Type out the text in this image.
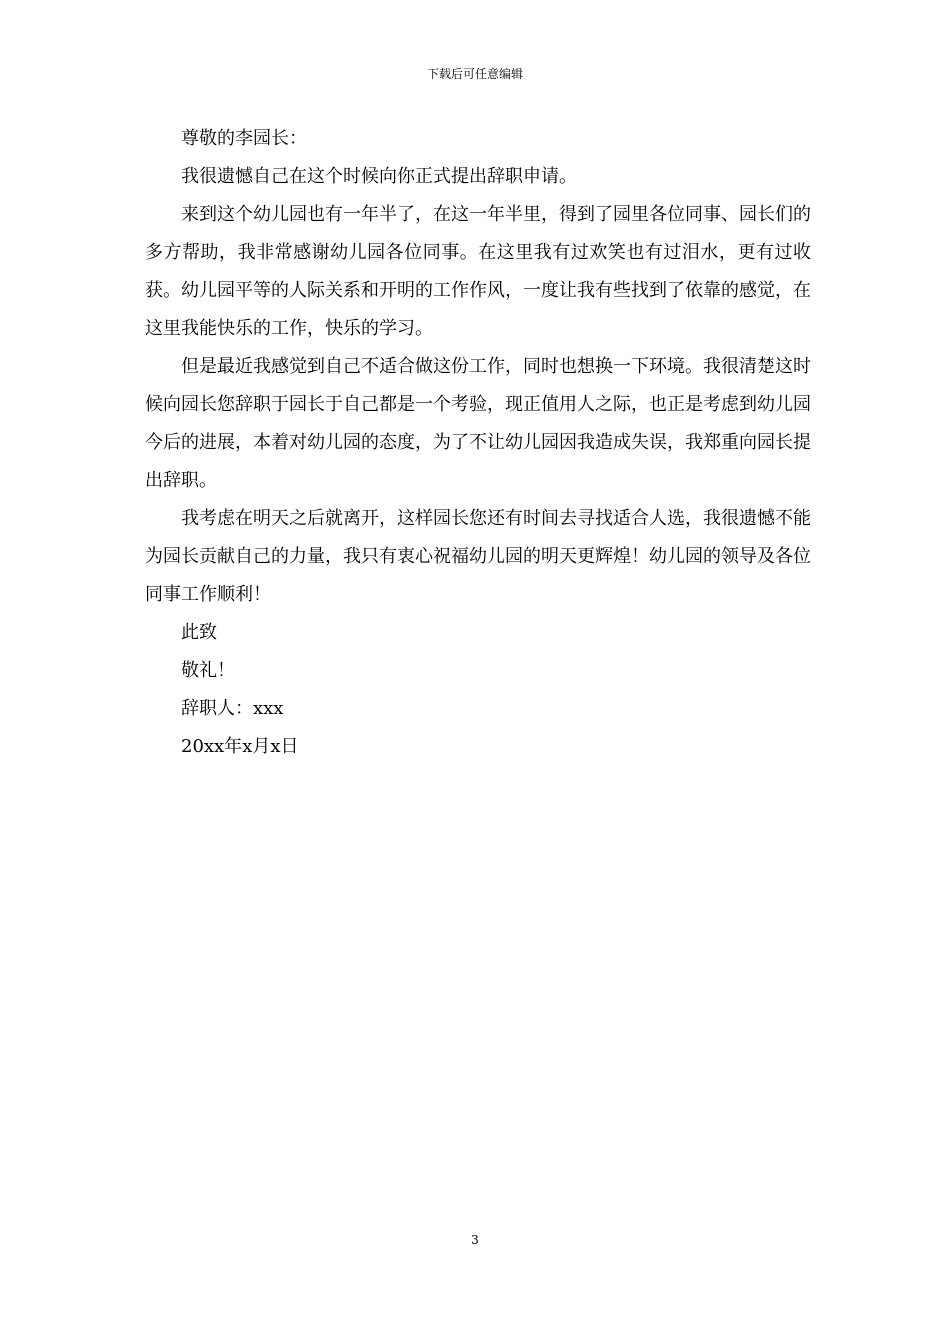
下载后可任意编辑

尊敬的李园长：

我很遗憾自己在这个时候向你正式提出辞职申请。

来到这个幼儿园也有一年半了，在这一年半里，得到了园里各位同事、园长们的多方帮助，我非常感谢幼儿园各位同事。在这里我有过欢笑也有过泪水，更有过收获。幼儿园平等的人际关系和开明的工作作风，一度让我有些找到了依靠的感觉，在这里我能快乐的工作，快乐的学习。

但是最近我感觉到自己不适合做这份工作，同时也想换一下环境。我很清楚这时候向园长您辞职于园长于自己都是一个考验，现正值用人之际，也正是考虑到幼儿园今后的进展，本着对幼儿园的态度，为了不让幼儿园因我造成失误，我郑重向园长提出辞职。

我考虑在明天之后就离开，这样园长您还有时间去寻找适合人选，我很遗憾不能为园长贡献自己的力量，我只有衷心祝福幼儿园的明天更辉煌！幼儿园的领导及各位同事工作顺利！

此致

敬礼！

辞职人：xxx

20xx年x月x日

3
